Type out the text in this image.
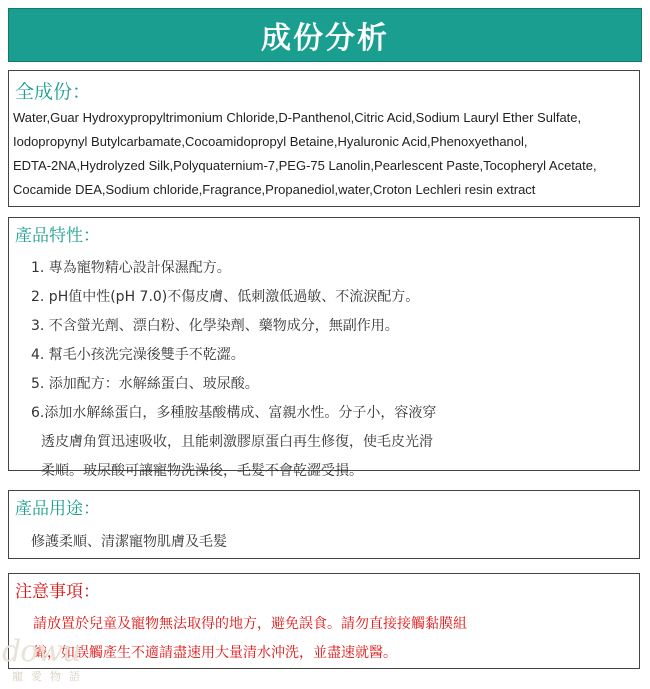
成份分析
全成份：
Water,Guar Hydroxypropyltrimonium Chloride,D-Panthenol,Citric Acid,Sodium Lauryl Ether Sulfate,
Iodopropynyl Butylcarbamate,Cocoamidopropyl Betaine,Hyaluronic Acid,Phenoxyethanol,
EDTA-2NA,Hydrolyzed Silk,Polyquaternium-7,PEG-75 Lanolin,Pearlescent Paste,Tocopheryl Acetate,
Cocamide DEA,Sodium chloride,Fragrance,Propanediol,water,Croton Lechleri resin extract
產品特性：
1. 專為寵物精心設計保濕配方。
2. pH值中性(pH 7.0)不傷皮膚、低刺激低過敏、不流淚配方。
3. 不含螢光劑、漂白粉、化學染劑、藥物成分，無副作用。
4. 幫毛小孩洗完澡後雙手不乾澀。
5. 添加配方：水解絲蛋白、玻尿酸。
6.添加水解絲蛋白，多種胺基酸構成、富親水性。分子小，容液穿
透皮膚角質迅速吸收，且能刺激膠原蛋白再生修復，使毛皮光滑
柔順。玻尿酸可讓寵物洗澡後，毛髮不會乾澀受損。
產品用途：
修護柔順、清潔寵物肌膚及毛髮
注意事項：
請放置於兒童及寵物無法取得的地方，避免誤食。請勿直接接觸黏膜組
織，如誤觸產生不適請盡速用大量清水沖洗，並盡速就醫。
dowu
寵愛物語
